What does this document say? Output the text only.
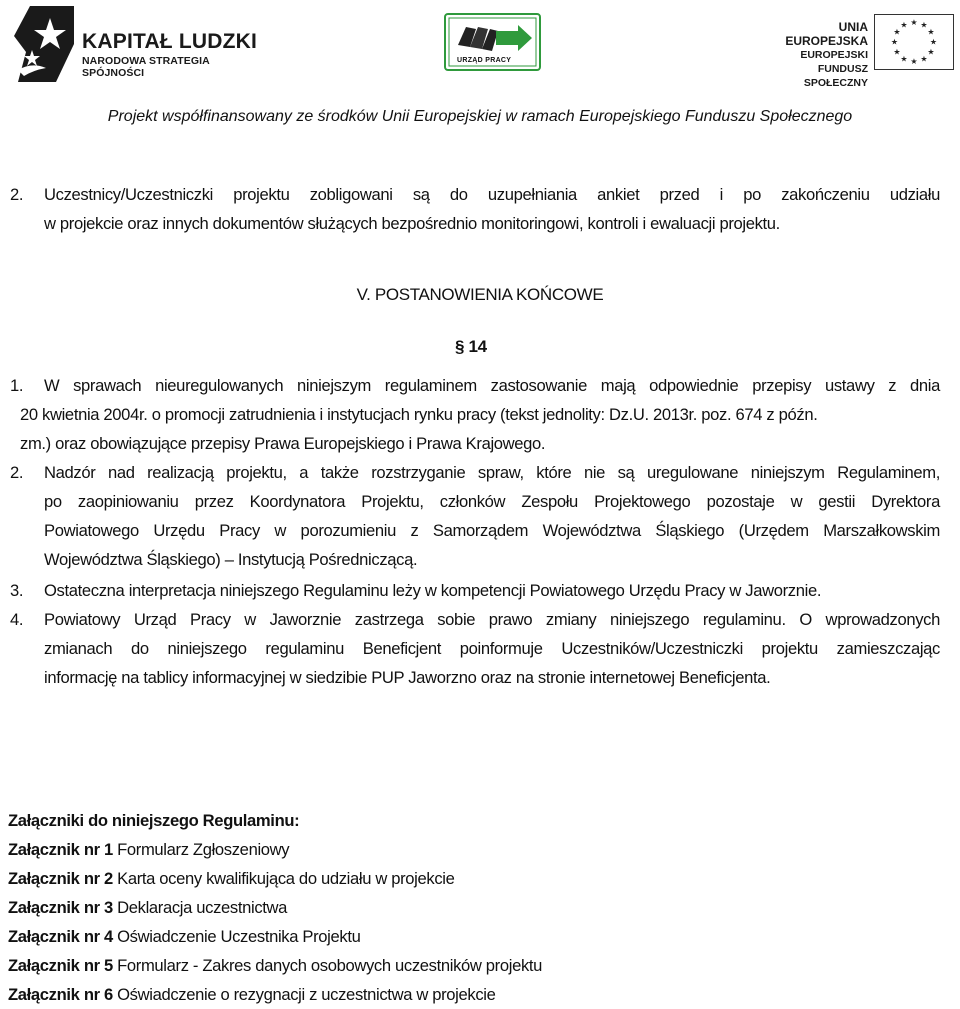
KAPITAŁ LUDZKI
NARODOWA STRATEGIA SPÓJNOŚCI
URZĄD PRACY
UNIA EUROPEJSKA
EUROPEJSKI
FUNDUSZ SPOŁECZNY
★ ★
★
★
★
★
★
★
★
★
★
★
Projekt współfinansowany ze środków Unii Europejskiej w ramach Europejskiego Funduszu Społecznego
2. Uczestnicy/Uczestniczki projektu zobligowani są do uzupełniania ankiet przed i po zakończeniu udziału
w projekcie oraz innych dokumentów służących bezpośrednio monitoringowi, kontroli i ewaluacji projektu.
V. POSTANOWIENIA KOŃCOWE
§ 14
1. W sprawach nieuregulowanych niniejszym regulaminem zastosowanie mają odpowiednie przepisy ustawy z dnia
20 kwietnia 2004r. o promocji zatrudnienia i instytucjach rynku pracy (tekst jednolity: Dz.U. 2013r. poz. 674 z późn.
zm.) oraz obowiązujące przepisy Prawa Europejskiego i Prawa Krajowego.
2. Nadzór nad realizacją projektu, a także rozstrzyganie spraw, które nie są uregulowane niniejszym Regulaminem,
po zaopiniowaniu przez Koordynatora Projektu, członków Zespołu Projektowego pozostaje w gestii Dyrektora
Powiatowego Urzędu Pracy w porozumieniu z Samorządem Województwa Śląskiego (Urzędem Marszałkowskim
Województwa Śląskiego) – Instytucją Pośredniczącą.
3. Ostateczna interpretacja niniejszego Regulaminu leży w kompetencji Powiatowego Urzędu Pracy w Jaworznie.
4. Powiatowy Urząd Pracy w Jaworznie zastrzega sobie prawo zmiany niniejszego regulaminu. O wprowadzonych
zmianach do niniejszego regulaminu Beneficjent poinformuje Uczestników/Uczestniczki projektu zamieszczając
informację na tablicy informacyjnej w siedzibie PUP Jaworzno oraz na stronie internetowej Beneficjenta.
Załączniki do niniejszego Regulaminu:
Załącznik nr 1 Formularz Zgłoszeniowy
Załącznik nr 2 Karta oceny kwalifikująca do udziału w projekcie
Załącznik nr 3 Deklaracja uczestnictwa
Załącznik nr 4 Oświadczenie Uczestnika Projektu
Załącznik nr 5 Formularz - Zakres danych osobowych uczestników projektu
Załącznik nr 6 Oświadczenie o rezygnacji z uczestnictwa w projekcie
